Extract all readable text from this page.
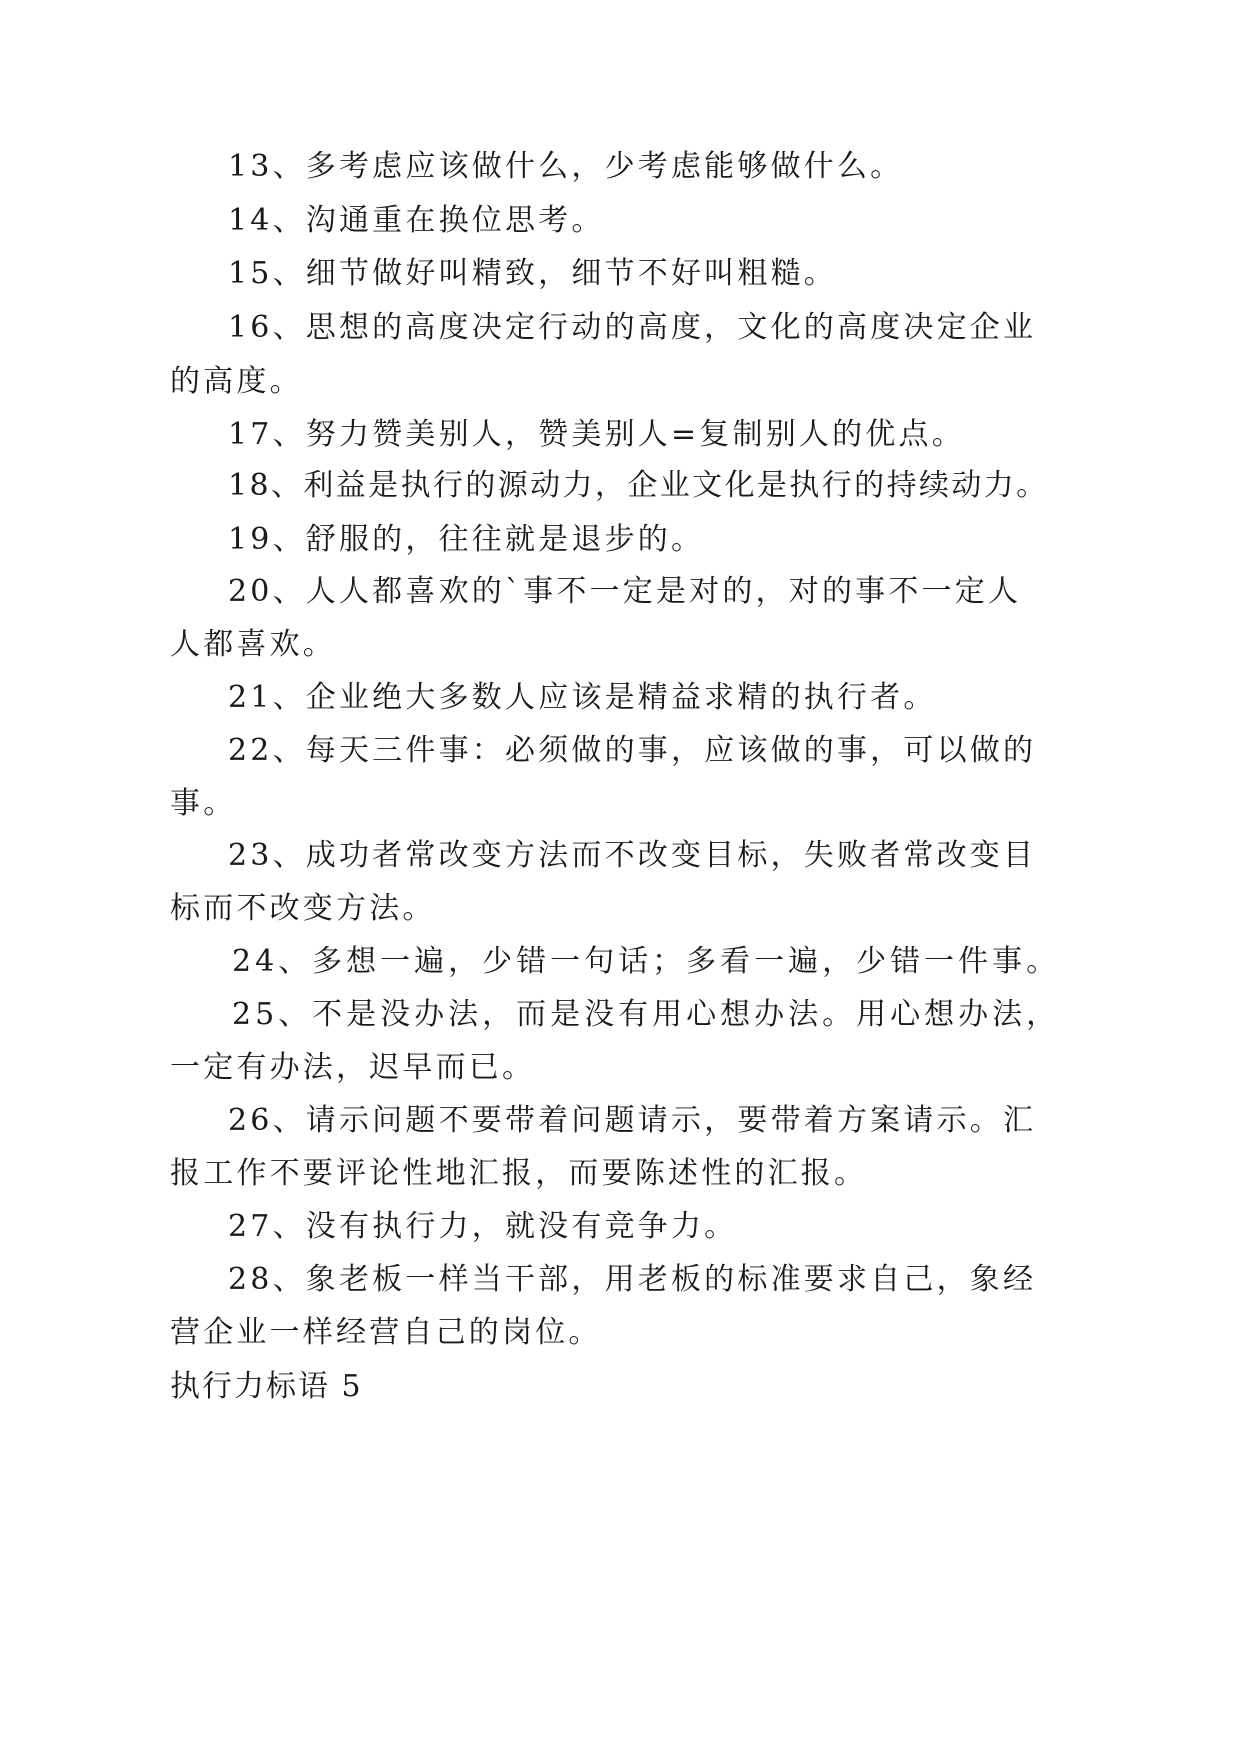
13、多考虑应该做什么，少考虑能够做什么。
14、沟通重在换位思考。
15、细节做好叫精致，细节不好叫粗糙。
16、思想的高度决定行动的高度，文化的高度决定企业
的高度。
17、努力赞美别人，赞美别人=复制别人的优点。
18、利益是执行的源动力，企业文化是执行的持续动力。
19、舒服的，往往就是退步的。
20、人人都喜欢的`事不一定是对的，对的事不一定人
人都喜欢。
21、企业绝大多数人应该是精益求精的执行者。
22、每天三件事：必须做的事，应该做的事，可以做的
事。
23、成功者常改变方法而不改变目标，失败者常改变目
标而不改变方法。
24、多想一遍，少错一句话；多看一遍，少错一件事。
25、不是没办法，而是没有用心想办法。用心想办法，
一定有办法，迟早而已。
26、请示问题不要带着问题请示，要带着方案请示。汇
报工作不要评论性地汇报，而要陈述性的汇报。
27、没有执行力，就没有竞争力。
28、象老板一样当干部，用老板的标准要求自己，象经
营企业一样经营自己的岗位。
执行力标语 5
